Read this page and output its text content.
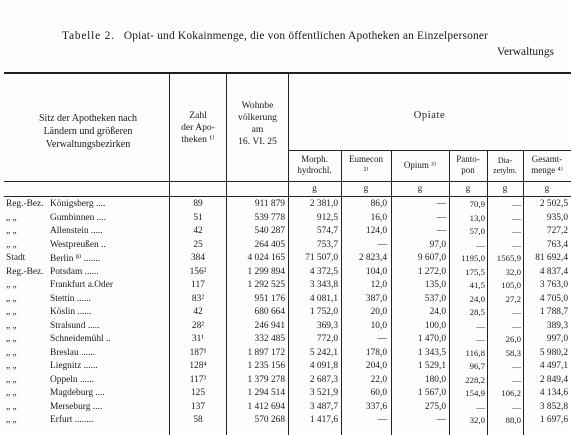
Tabelle 2. Opiat- und Kokainmenge, die von öffentlichen Apotheken an Einzelpersoner
Verwaltungs
Sitz der Apotheken nach
Ländern und größeren
Verwaltungsbezirken
Zahl
der Apo-
theken ¹⁾
Wohnbe
völkerung
am
16. VI. 25
Opiate
Morph.
hydrochl.
Eumecon
²⁾	Opium ³⁾
Panto-
pon
Dia-
zetylm.
Gesamt-
menge ⁴⁾
g	g	g	g	g	g
Reg.-Bez. Königsberg ....	89	911 879	2 381,0	86,0	—	70,9	—	2 502,5
„ „	Gumbinnen ....	51	539 778	912,5	16,0	—	13,0	—	935,0
„ „	Allenstein .....	42	540 287	574,7	124,0	—	57,0	—	727,2
„ „	Westpreußen ..	25	264 405	753,7	—	97,0	—	—	763,4
Stadt	Berlin ⁸⁾ .......	384	4 024 165	71 507,0	2 823,4	9 607,0	1195,0	1565,9	81 692,4
Reg.-Bez. Potsdam ......	156²	1 299 894	4 372,5	104,0	1 272,0	175,5	32,0	4 837,4
„ „	Frankfurt a.Oder	117	1 292 525	3 343,8	12,0	135,0	41,5	105,0	3 763,0
„ „	Stettin ......	83²	951 176	4 081,1	387,0	537,0	24,0	27,2	4 705,0
„ „	Köslin ......	42	680 664	1 752,0	20,0	24,0	28,5	—	1 788,7
„ „	Stralsund .....	28²	246 941	369,3	10,0	100,0	—	—	389,3
„ „	Schneidemühl ..	31¹	332 485	772,0	—	1 470,0	—	26,0	997,0
„ „	Breslau ......	187¹	1 897 172	5 242,1	178,0	1 343,5	116,8	58,3	5 980,2
„ „	Liegnitz ......	128⁴	1 235 156	4 091,8	204,0	1 529,1	96,7	—	4 497,1
„ „	Oppeln ......	117³	1 379 278	2 687,3	22,0	180,0	228,2	—	2 849,4
„ „	Magdeburg ....	125	1 294 514	3 521,9	60,0	1 567,0	154,9	106,2	4 134,6
„ „	Merseburg ....	137	1 412 694	3 487,7	337,6	275,0	—	—	3 852,8
„ „	Erfurt ........	58	570 268	1 417,6	—	—	32,0	88,0	1 697,6
